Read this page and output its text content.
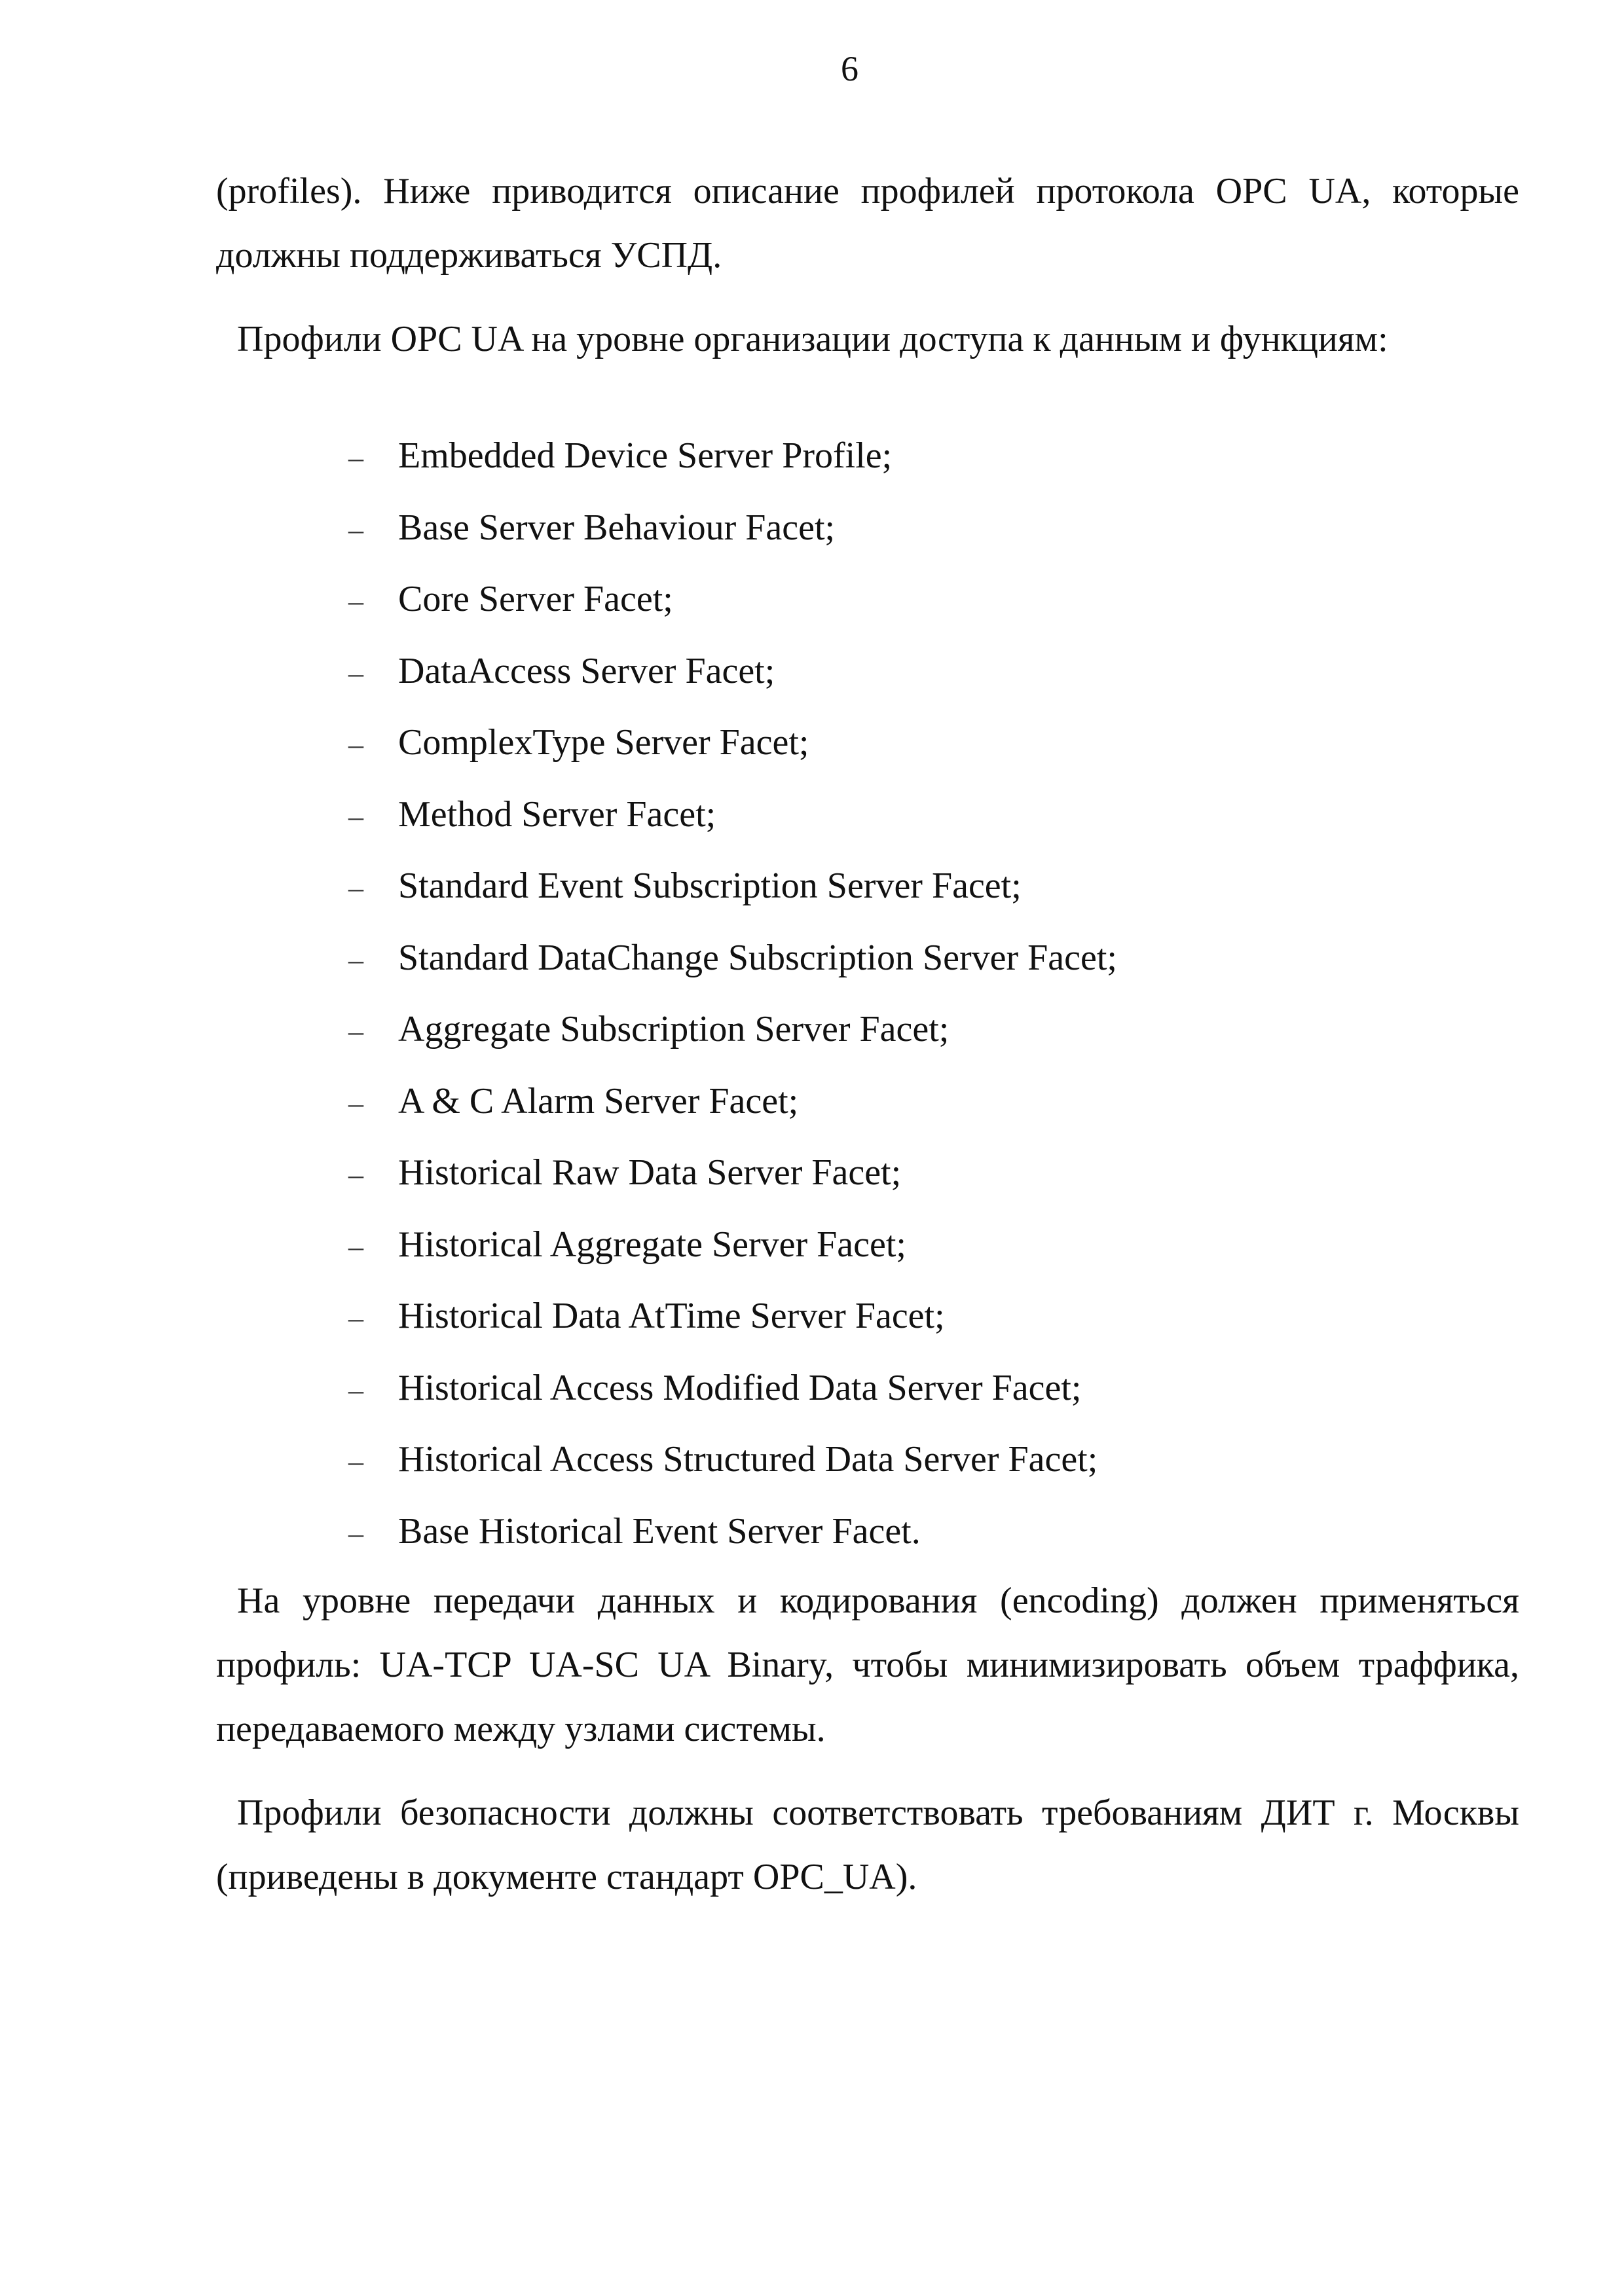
6

(profiles). Ниже приводится описание профилей протокола OPC UA, которые должны поддерживаться УСПД.

Профили OPC UA на уровне организации доступа к данным и функциям:

– Embedded Device Server Profile;
– Base Server Behaviour Facet;
– Core Server Facet;
– DataAccess Server Facet;
– ComplexType Server Facet;
– Method Server Facet;
– Standard Event Subscription Server Facet;
– Standard DataChange Subscription Server Facet;
– Aggregate Subscription Server Facet;
– A & C Alarm Server Facet;
– Historical Raw Data Server Facet;
– Historical Aggregate Server Facet;
– Historical Data AtTime Server Facet;
– Historical Access Modified Data Server Facet;
– Historical Access Structured Data Server Facet;
– Base Historical Event Server Facet.

На уровне передачи данных и кодирования (encoding) должен применяться профиль: UA-TCP UA-SC UA Binary, чтобы минимизировать объем траффика, передаваемого между узлами системы.

Профили безопасности должны соответствовать требованиям ДИТ г. Москвы (приведены в документе стандарт OPC_UA).
